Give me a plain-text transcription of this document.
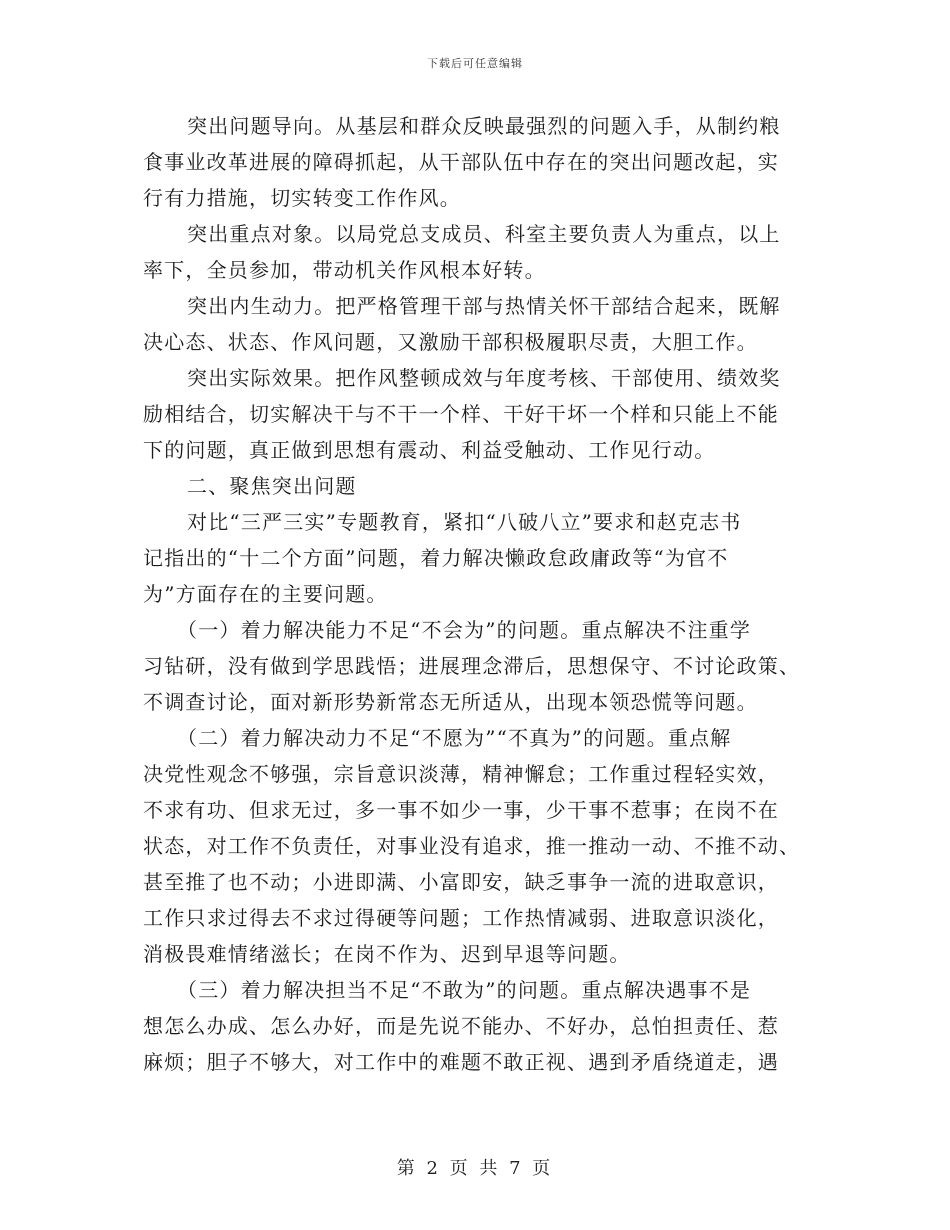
下载后可任意编辑
突出问题导向。从基层和群众反映最强烈的问题入手，从制约粮
食事业改革进展的障碍抓起，从干部队伍中存在的突出问题改起，实
行有力措施，切实转变工作作风。
突出重点对象。以局党总支成员、科室主要负责人为重点，以上
率下，全员参加，带动机关作风根本好转。
突出内生动力。把严格管理干部与热情关怀干部结合起来，既解
决心态、状态、作风问题，又激励干部积极履职尽责，大胆工作。
突出实际效果。把作风整顿成效与年度考核、干部使用、绩效奖
励相结合，切实解决干与不干一个样、干好干坏一个样和只能上不能
下的问题，真正做到思想有震动、利益受触动、工作见行动。
二、聚焦突出问题
对比“三严三实”专题教育，紧扣“八破八立”要求和赵克志书
记指出的“十二个方面”问题，着力解决懒政怠政庸政等“为官不
为”方面存在的主要问题。
（一）着力解决能力不足“不会为”的问题。重点解决不注重学
习钻研，没有做到学思践悟；进展理念滞后，思想保守、不讨论政策、
不调查讨论，面对新形势新常态无所适从，出现本领恐慌等问题。
（二）着力解决动力不足“不愿为”“不真为”的问题。重点解
决党性观念不够强，宗旨意识淡薄，精神懈怠；工作重过程轻实效，
不求有功、但求无过，多一事不如少一事，少干事不惹事；在岗不在
状态，对工作不负责任，对事业没有追求，推一推动一动、不推不动、
甚至推了也不动；小进即满、小富即安，缺乏事争一流的进取意识，
工作只求过得去不求过得硬等问题；工作热情减弱、进取意识淡化，
消极畏难情绪滋长；在岗不作为、迟到早退等问题。
（三）着力解决担当不足“不敢为”的问题。重点解决遇事不是
想怎么办成、怎么办好，而是先说不能办、不好办，总怕担责任、惹
麻烦；胆子不够大，对工作中的难题不敢正视、遇到矛盾绕道走，遇
第 2 页 共 7 页
